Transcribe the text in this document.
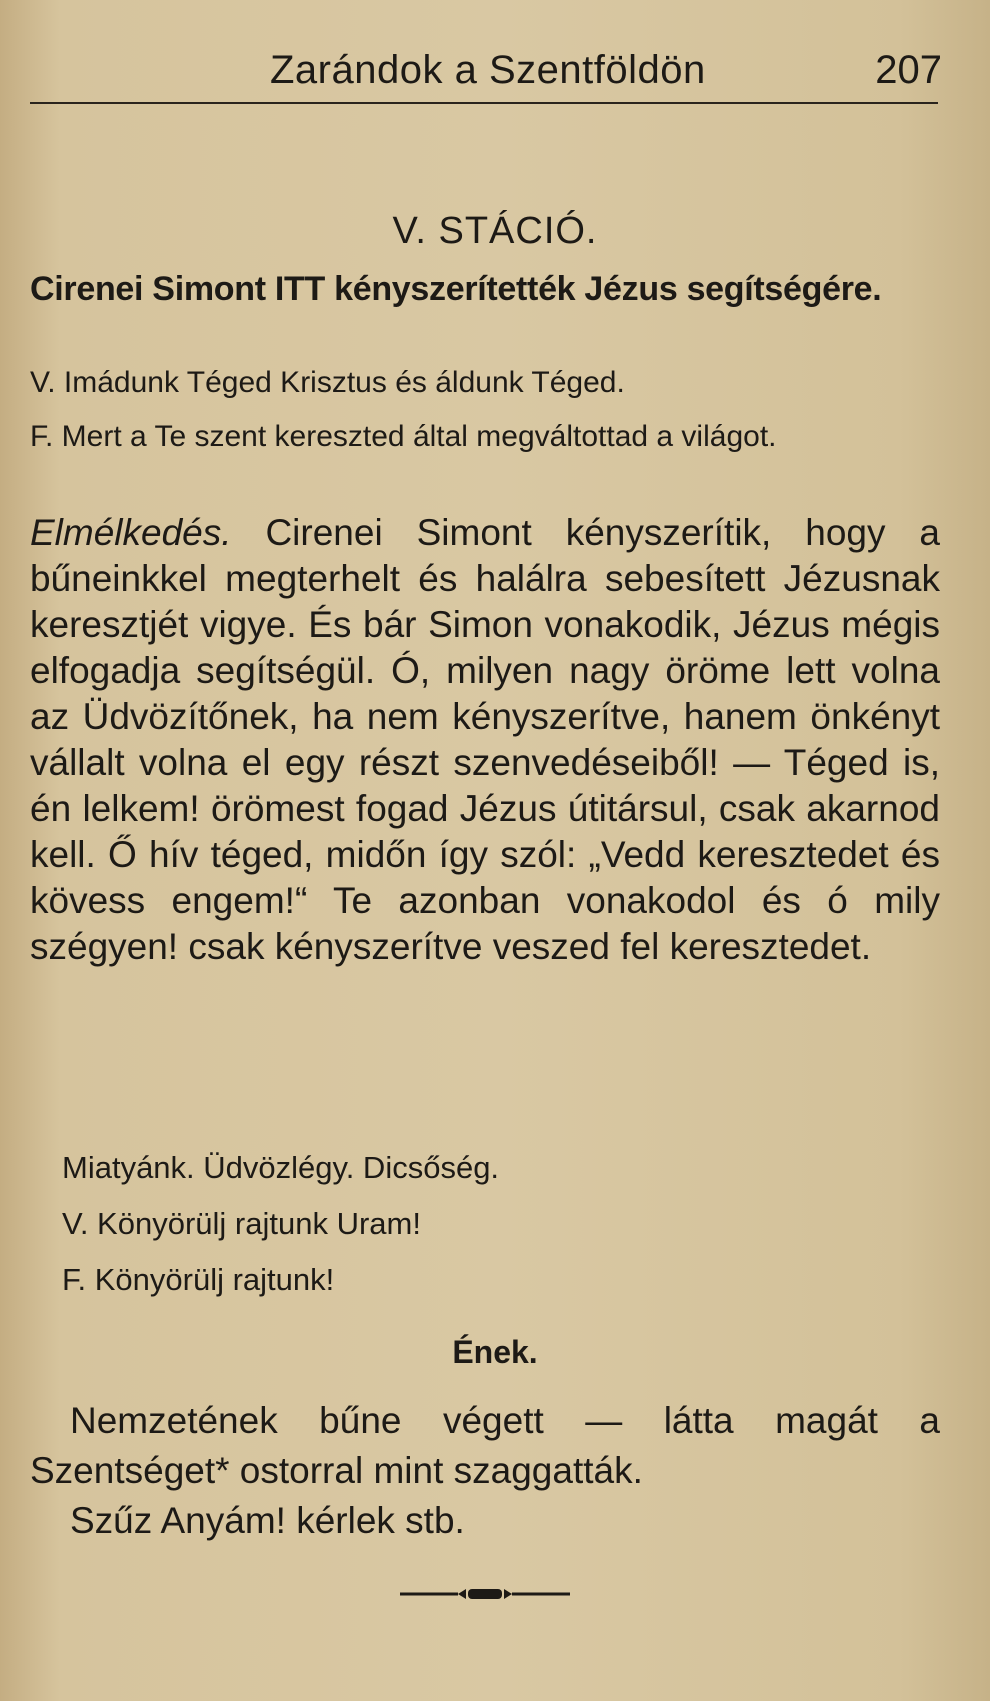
Zarándok a Szentföldön	207
V. STÁCIÓ.
Cirenei Simont ITT kényszerítették Jézus segítségére.
V. Imádunk Téged Krisztus és áldunk Téged.
F. Mert a Te szent kereszted által megváltottad a világot.
Elmélkedés. Cirenei Simont kényszerítik, hogy a bűneinkkel megterhelt és halálra sebesített Jézusnak keresztjét vigye. És bár Simon vonakodik, Jézus mégis elfogadja segítségül. Ó, milyen nagy öröme lett volna az Üdvözítőnek, ha nem kényszerítve, hanem önkényt vállalt volna el egy részt szenvedéseiből! — Téged is, én lelkem! örömest fogad Jézus útitársul, csak akarnod kell. Ő hív téged, midőn így szól: „Vedd keresztedet és kövess engem!“ Te azonban vonakodol és ó mily szégyen! csak kényszerítve veszed fel keresztedet.
Miatyánk. Üdvözlégy. Dicsőség.
V. Könyörülj rajtunk Uram!
F. Könyörülj rajtunk!
Ének.
Nemzetének bűne végett — látta magát a
Szentséget* ostorral mint szaggatták.
Szűz Anyám! kérlek stb.
